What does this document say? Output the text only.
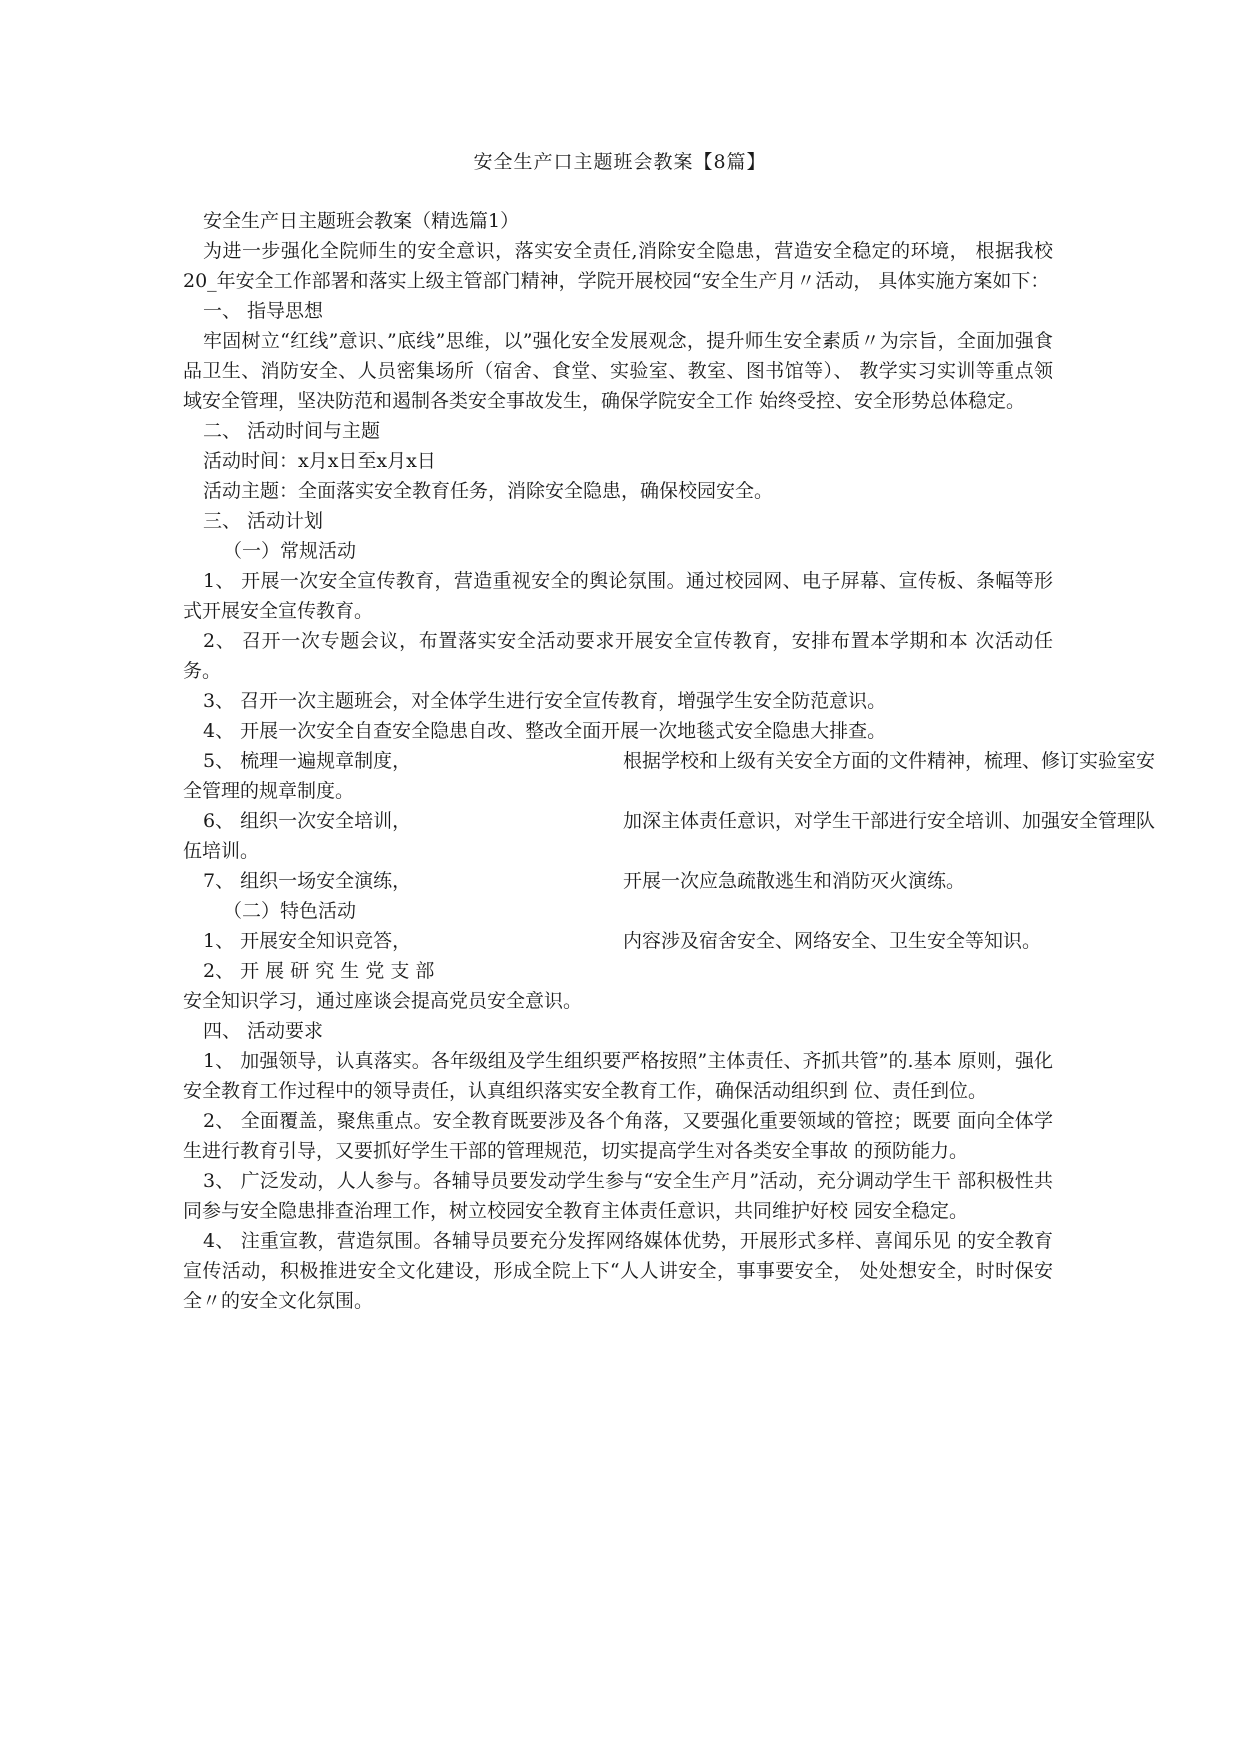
安全生产口主题班会教案【8篇】

安全生产日主题班会教案（精选篇1）

为进一步强化全院师生的安全意识，落实安全责任,消除安全隐患，营造安全稳定的环境， 根据我校20_年安全工作部署和落实上级主管部门精神，学院开展校园“安全生产月〃活动， 具体实施方案如下：

一、 指导思想

牢固树立“红线”意识、”底线”思维，以”强化安全发展观念，提升师生安全素质〃为宗旨，全面加强食品卫生、消防安全、人员密集场所（宿舍、食堂、实验室、教室、图书馆等）、 教学实习实训等重点领域安全管理，坚决防范和遏制各类安全事故发生，确保学院安全工作 始终受控、安全形势总体稳定。

二、 活动时间与主题

活动时间：x月x日至x月x日

活动主题：全面落实安全教育任务，消除安全隐患，确保校园安全。

三、 活动计划

（一）常规活动

1、 开展一次安全宣传教育，营造重视安全的舆论氛围。通过校园网、电子屏幕、宣传板、条幅等形式开展安全宣传教育。

2、 召开一次专题会议，布置落实安全活动要求开展安全宣传教育，安排布置本学期和本 次活动任务。

3、 召开一次主题班会，对全体学生进行安全宣传教育，增强学生安全防范意识。

4、 开展一次安全自查安全隐患自改、整改全面开展一次地毯式安全隐患大排查。

5、 梳理一遍规章制度，	根据学校和上级有关安全方面的文件精神，梳理、修订实验室安

全管理的规章制度。

6、 组织一次安全培训，	加深主体责任意识，对学生干部进行安全培训、加强安全管理队

伍培训。

7、 组织一场安全演练，	开展一次应急疏散逃生和消防灭火演练。

（二）特色活动

1、 开展安全知识竞答，	内容涉及宿舍安全、网络安全、卫生安全等知识。
2、 开 展 研 究 生 党 支 部

安全知识学习，通过座谈会提高党员安全意识。

四、 活动要求

1、 加强领导，认真落实。各年级组及学生组织要严格按照”主体责任、齐抓共管”的.基本 原则，强化安全教育工作过程中的领导责任，认真组织落实安全教育工作，确保活动组织到 位、责任到位。

2、 全面覆盖，聚焦重点。安全教育既要涉及各个角落，又要强化重要领域的管控；既要 面向全体学生进行教育引导，又要抓好学生干部的管理规范，切实提高学生对各类安全事故 的预防能力。

3、 广泛发动，人人参与。各辅导员要发动学生参与“安全生产月”活动，充分调动学生干 部积极性共同参与安全隐患排查治理工作，树立校园安全教育主体责任意识，共同维护好校 园安全稳定。

4、 注重宣教，营造氛围。各辅导员要充分发挥网络媒体优势，开展形式多样、喜闻乐见 的安全教育宣传活动，积极推进安全文化建设，形成全院上下“人人讲安全，事事要安全， 处处想安全，时时保安全〃的安全文化氛围。
